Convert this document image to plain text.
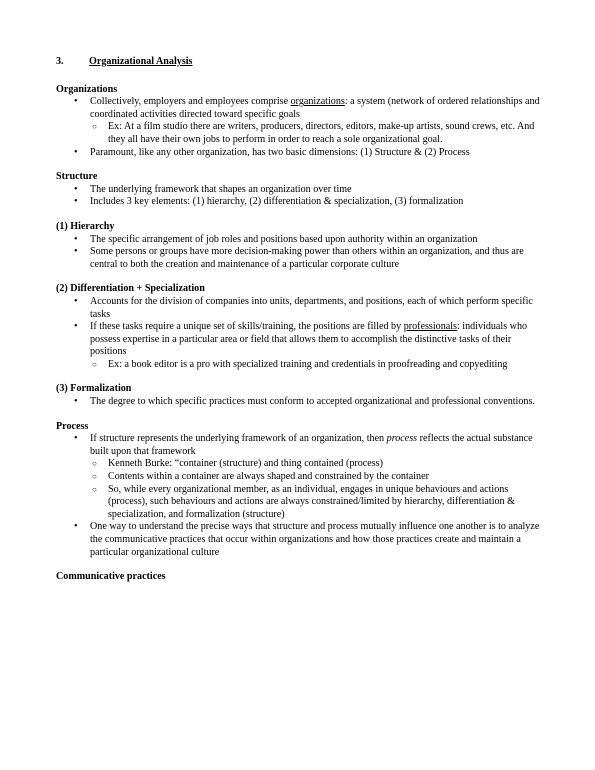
3.	Organizational Analysis
Organizations
• Collectively, employers and employees comprise organizations: a system (network of ordered relationships and coordinated activities directed toward specific goals
○ Ex: At a film studio there are writers, producers, directors, editors, make-up artists, sound crews, etc. And they all have their own jobs to perform in order to reach a sole organizational goal.
• Paramount, like any other organization, has two basic dimensions: (1) Structure & (2) Process
Structure
• The underlying framework that shapes an organization over time
• Includes 3 key elements: (1) hierarchy, (2) differentiation & specialization, (3) formalization
(1) Hierarchy
• The specific arrangement of job roles and positions based upon authority within an organization
• Some persons or groups have more decision-making power than others within an organization, and thus are central to both the creation and maintenance of a particular corporate culture
(2) Differentiation + Specialization
• Accounts for the division of companies into units, departments, and positions, each of which perform specific tasks
• If these tasks require a unique set of skills/training, the positions are filled by professionals: individuals who possess expertise in a particular area or field that allows them to accomplish the distinctive tasks of their positions
○ Ex: a book editor is a pro with specialized training and credentials in proofreading and copyediting
(3) Formalization
• The degree to which specific practices must conform to accepted organizational and professional conventions.
Process
• If structure represents the underlying framework of an organization, then process reflects the actual substance built upon that framework
○ Kenneth Burke: “container (structure) and thing contained (process)
○ Contents within a container are always shaped and constrained by the container
○ So, while every organizational member, as an individual, engages in unique behaviours and actions (process), such behaviours and actions are always constrained/limited by hierarchy, differentiation & specialization, and formalization (structure)
• One way to understand the precise ways that structure and process mutually influence one another is to analyze the communicative practices that occur within organizations and how those practices create and maintain a particular organizational culture
Communicative practices
